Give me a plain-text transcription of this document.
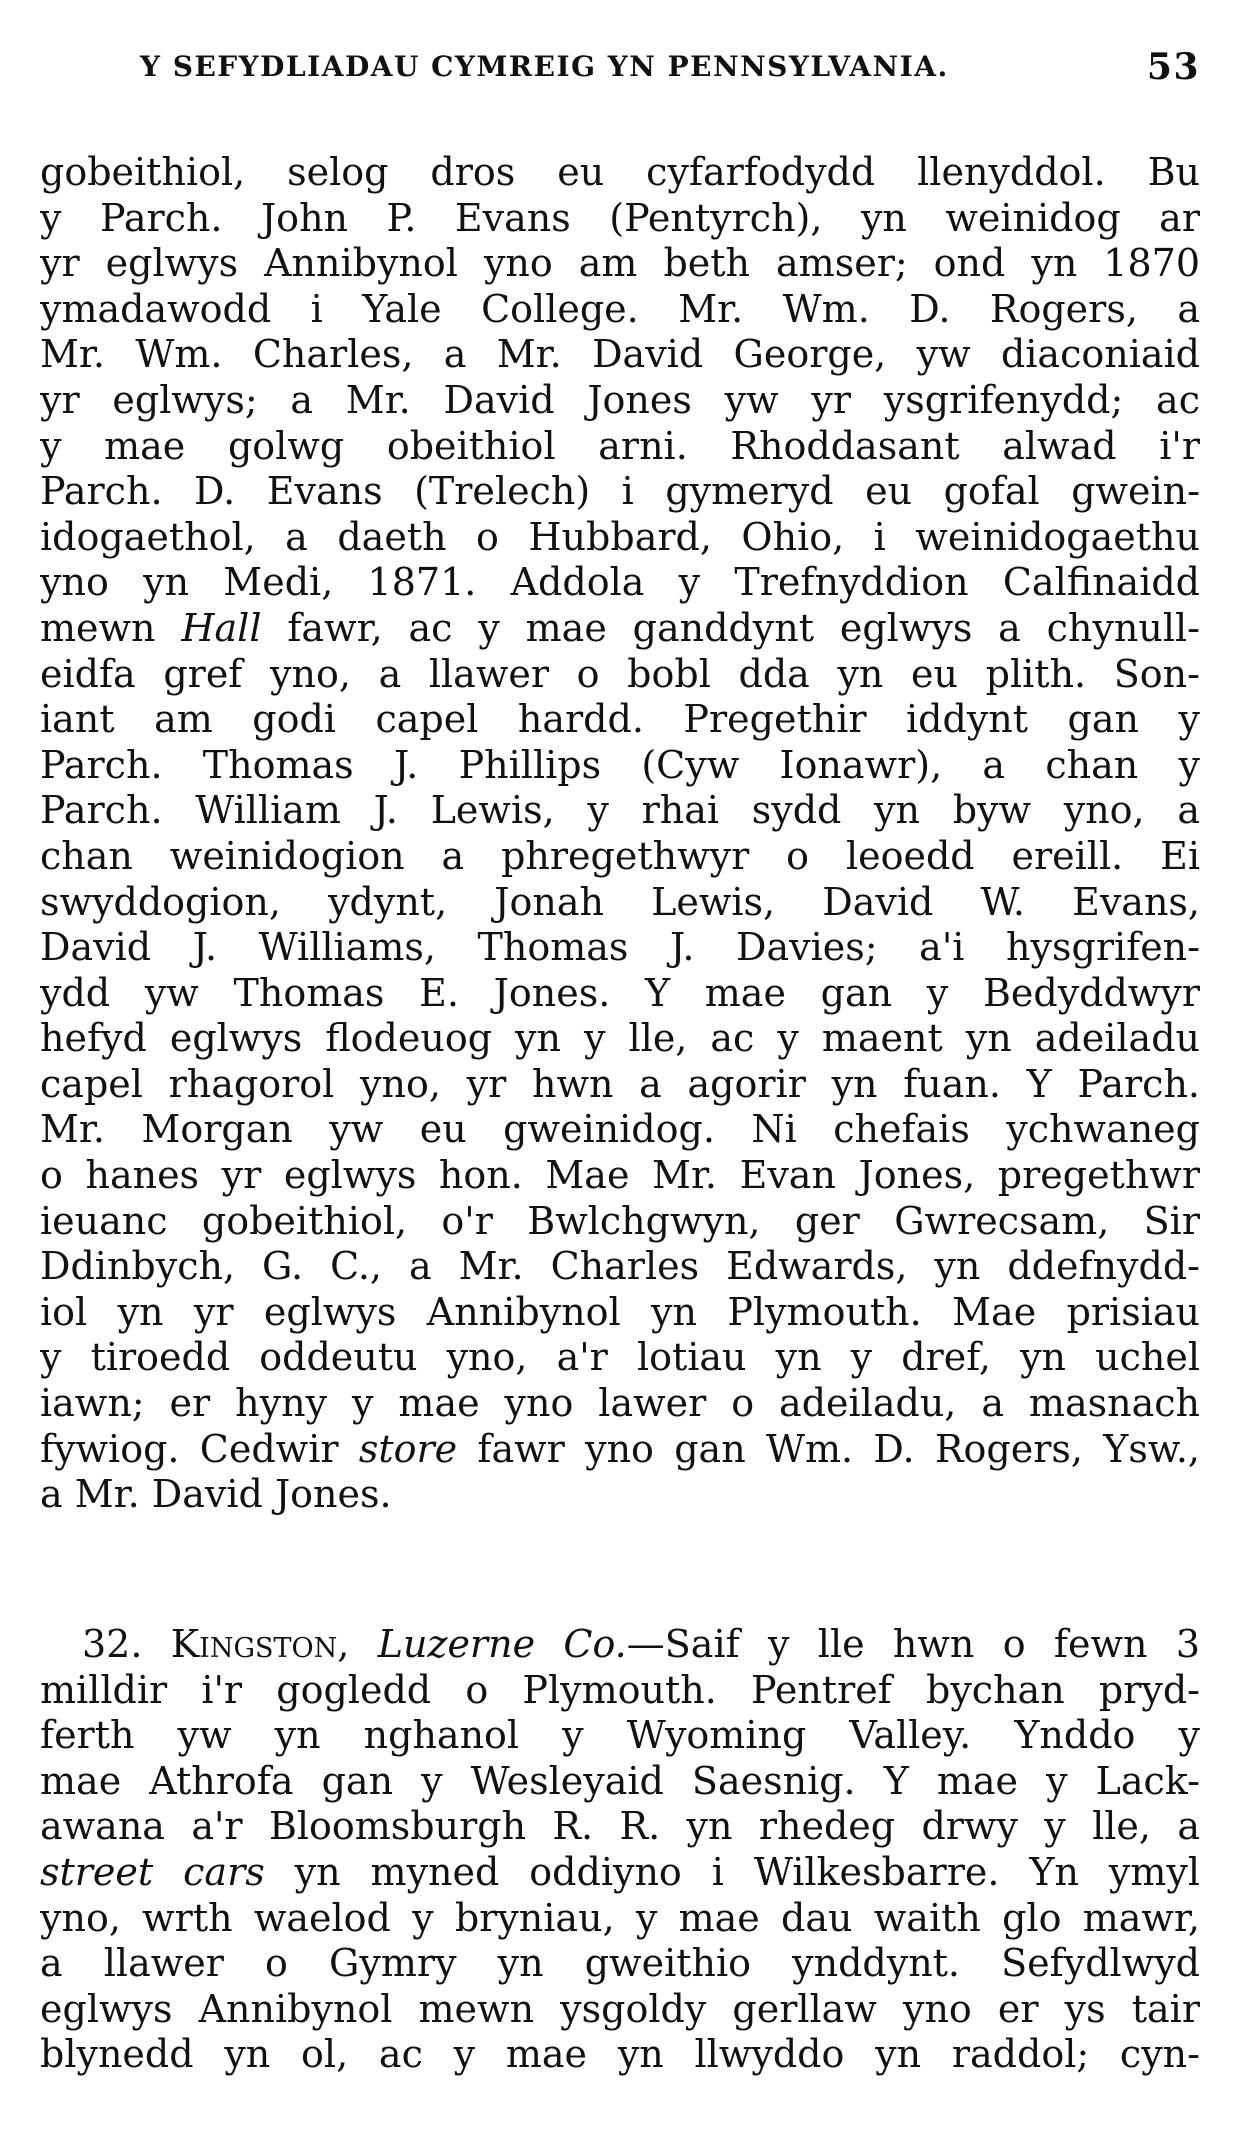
Y SEFYDLIADAU CYMREIG YN PENNSYLVANIA.	53
gobeithiol, selog dros eu cyfarfodydd llenyddol. Bu
y Parch. John P. Evans (Pentyrch), yn weinidog ar
yr eglwys Annibynol yno am beth amser; ond yn 1870
ymadawodd i Yale College. Mr. Wm. D. Rogers, a
Mr. Wm. Charles, a Mr. David George, yw diaconiaid
yr eglwys; a Mr. David Jones yw yr ysgrifenydd; ac
y mae golwg obeithiol arni. Rhoddasant alwad i'r
Parch. D. Evans (Trelech) i gymeryd eu gofal gwein-
idogaethol, a daeth o Hubbard, Ohio, i weinidogaethu
yno yn Medi, 1871. Addola y Trefnyddion Calfinaidd
mewn Hall fawr, ac y mae ganddynt eglwys a chynull-
eidfa gref yno, a llawer o bobl dda yn eu plith. Son-
iant am godi capel hardd. Pregethir iddynt gan y
Parch. Thomas J. Phillips (Cyw Ionawr), a chan y
Parch. William J. Lewis, y rhai sydd yn byw yno, a
chan weinidogion a phregethwyr o leoedd ereill. Ei
swyddogion, ydynt, Jonah Lewis, David W. Evans,
David J. Williams, Thomas J. Davies; a'i hysgrifen-
ydd yw Thomas E. Jones. Y mae gan y Bedyddwyr
hefyd eglwys flodeuog yn y lle, ac y maent yn adeiladu
capel rhagorol yno, yr hwn a agorir yn fuan. Y Parch.
Mr. Morgan yw eu gweinidog. Ni chefais ychwaneg
o hanes yr eglwys hon. Mae Mr. Evan Jones, pregethwr
ieuanc gobeithiol, o'r Bwlchgwyn, ger Gwrecsam, Sir
Ddinbych, G. C., a Mr. Charles Edwards, yn ddefnydd-
iol yn yr eglwys Annibynol yn Plymouth. Mae prisiau
y tiroedd oddeutu yno, a'r lotiau yn y dref, yn uchel
iawn; er hyny y mae yno lawer o adeiladu, a masnach
fywiog. Cedwir store fawr yno gan Wm. D. Rogers, Ysw.,
a Mr. David Jones.
32. Kingston, Luzerne Co.—Saif y lle hwn o fewn 3
milldir i'r gogledd o Plymouth. Pentref bychan pryd-
ferth yw yn nghanol y Wyoming Valley. Ynddo y
mae Athrofa gan y Wesleyaid Saesnig. Y mae y Lack-
awana a'r Bloomsburgh R. R. yn rhedeg drwy y lle, a
street cars yn myned oddiyno i Wilkesbarre. Yn ymyl
yno, wrth waelod y bryniau, y mae dau waith glo mawr,
a llawer o Gymry yn gweithio ynddynt. Sefydlwyd
eglwys Annibynol mewn ysgoldy gerllaw yno er ys tair
blynedd yn ol, ac y mae yn llwyddo yn raddol; cyn-
